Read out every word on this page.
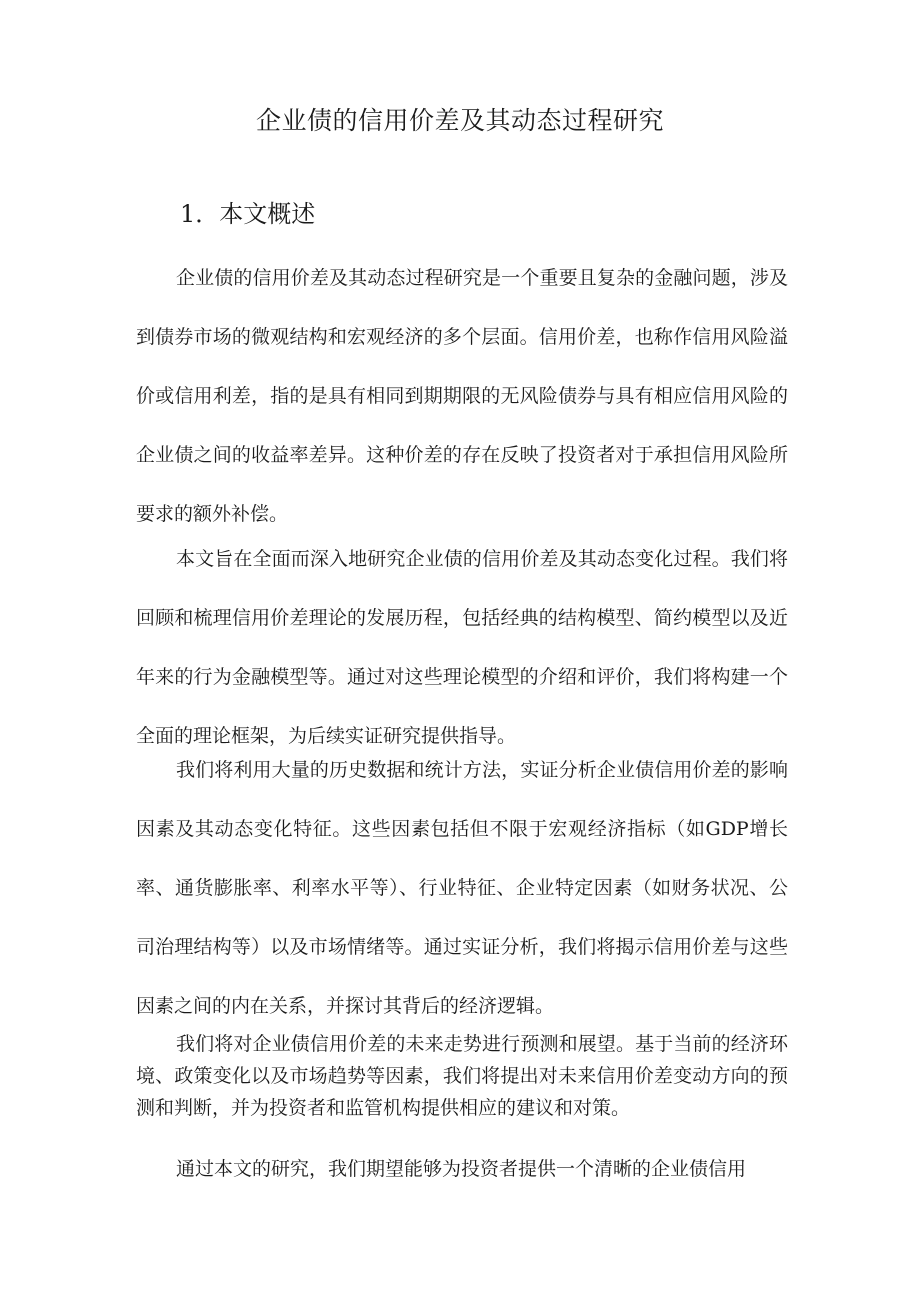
企业债的信用价差及其动态过程研究
1．本文概述

企业债的信用价差及其动态过程研究是一个重要且复杂的金融问题，涉及到债券市场的微观结构和宏观经济的多个层面。信用价差，也称作信用风险溢价或信用利差，指的是具有相同到期期限的无风险债券与具有相应信用风险的企业债之间的收益率差异。这种价差的存在反映了投资者对于承担信用风险所要求的额外补偿。

本文旨在全面而深入地研究企业债的信用价差及其动态变化过程。我们将回顾和梳理信用价差理论的发展历程，包括经典的结构模型、简约模型以及近年来的行为金融模型等。通过对这些理论模型的介绍和评价，我们将构建一个全面的理论框架，为后续实证研究提供指导。

我们将利用大量的历史数据和统计方法，实证分析企业债信用价差的影响因素及其动态变化特征。这些因素包括但不限于宏观经济指标（如GDP增长率、通货膨胀率、利率水平等）、行业特征、企业特定因素（如财务状况、公司治理结构等）以及市场情绪等。通过实证分析，我们将揭示信用价差与这些因素之间的内在关系，并探讨其背后的经济逻辑。

我们将对企业债信用价差的未来走势进行预测和展望。基于当前的经济环境、政策变化以及市场趋势等因素，我们将提出对未来信用价差变动方向的预测和判断，并为投资者和监管机构提供相应的建议和对策。

通过本文的研究，我们期望能够为投资者提供一个清晰的企业债信用
